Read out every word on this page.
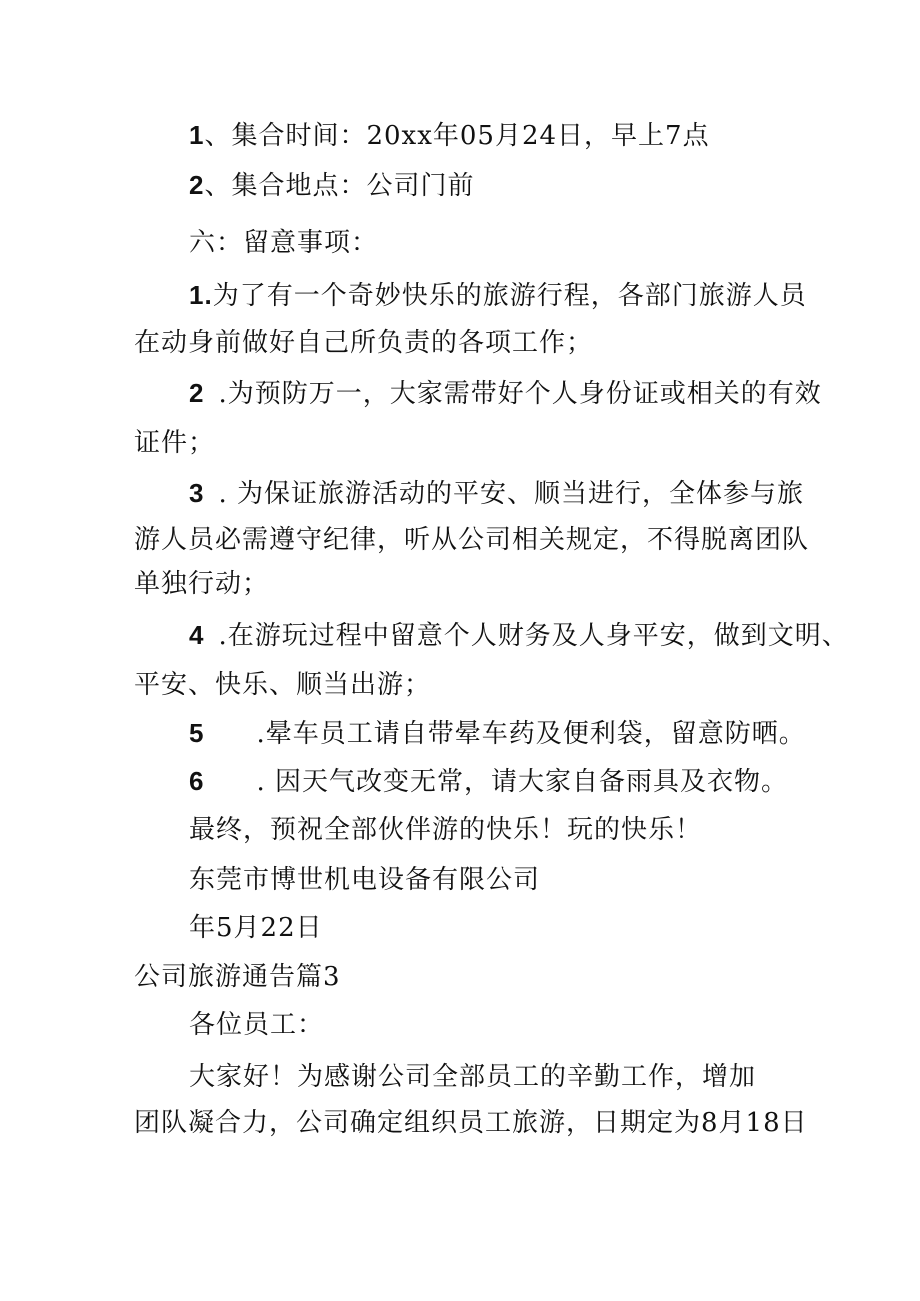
1、集合时间：20xx年05月24日，早上7点
2、集合地点：公司门前
六：留意事项：
1.为了有一个奇妙快乐的旅游行程，各部门旅游人员
在动身前做好自己所负责的各项工作；
2 .为预防万一，大家需带好个人身份证或相关的有效
证件；
3 . 为保证旅游活动的平安、顺当进行，全体参与旅
游人员必需遵守纪律，听从公司相关规定，不得脱离团队
单独行动；
4 .在游玩过程中留意个人财务及人身平安，做到文明、
平安、快乐、顺当出游；
5 .晕车员工请自带晕车药及便利袋，留意防晒。
6 . 因天气改变无常，请大家自备雨具及衣物。
最终，预祝全部伙伴游的快乐！玩的快乐！
东莞市博世机电设备有限公司
年5月22日
公司旅游通告篇3
各位员工：
大家好！为感谢公司全部员工的辛勤工作，增加
团队凝合力，公司确定组织员工旅游，日期定为8月18日
